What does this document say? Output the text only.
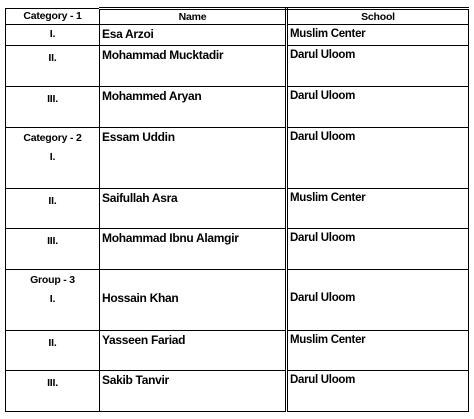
Category - 1	Name	School

I.	Esa Arzoi	Muslim Center

II.	Mohammad Mucktadir	Darul Uloom

III.	Mohammed Aryan	Darul Uloom

Category - 2
I.	Essam Uddin	Darul Uloom

II.	Saifullah Asra	Muslim Center

III.	Mohammad Ibnu Alamgir	Darul Uloom

Group - 3
I.	Hossain Khan	Darul Uloom

II.	Yasseen Fariad	Muslim Center

III.	Sakib Tanvir	Darul Uloom
